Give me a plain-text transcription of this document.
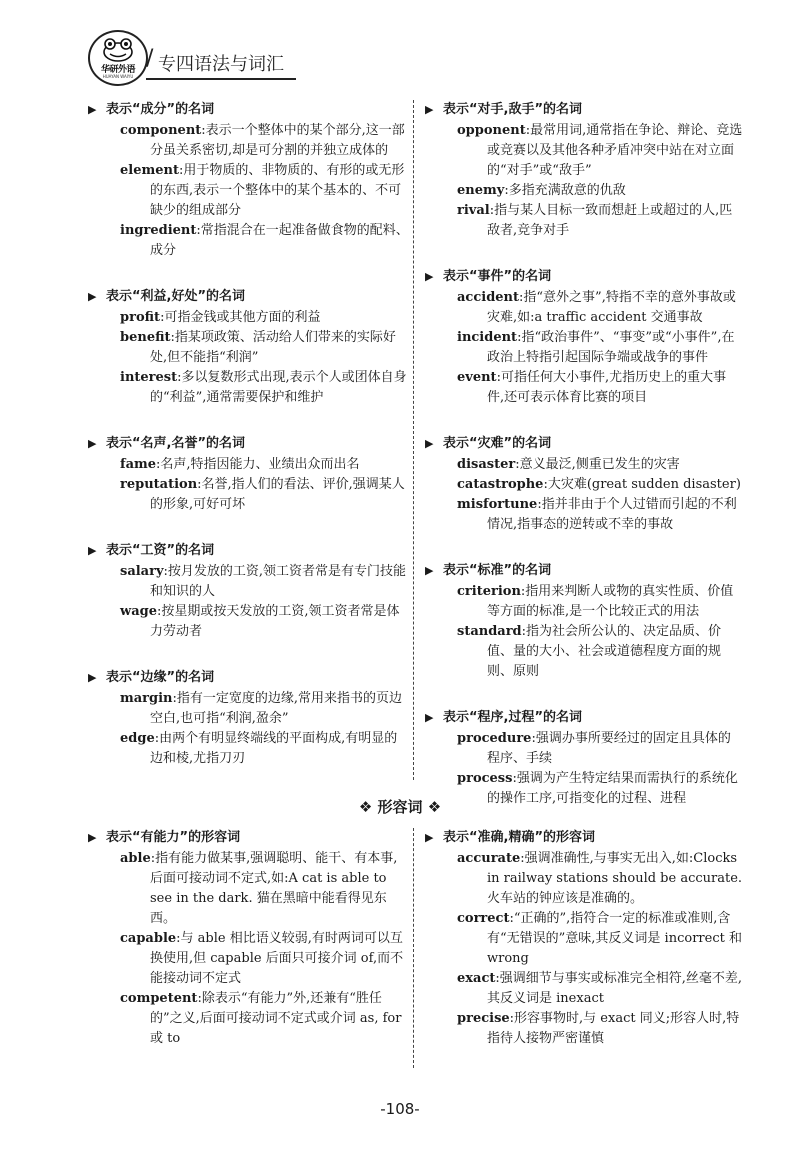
华研外语
HUAYAN WAIYU
/ 专四语法与词汇
▶ 表示“成分”的名词
component:表示一个整体中的某个部分,这一部分虽关系密切,却是可分割的并独立成体的
element:用于物质的、非物质的、有形的或无形的东西,表示一个整体中的某个基本的、不可缺少的组成部分
ingredient:常指混合在一起准备做食物的配料、成分
▶ 表示“利益,好处”的名词
profit:可指金钱或其他方面的利益
benefit:指某项政策、活动给人们带来的实际好处,但不能指“利润”
interest:多以复数形式出现,表示个人或团体自身的“利益”,通常需要保护和维护
▶ 表示“名声,名誉”的名词
fame:名声,特指因能力、业绩出众而出名
reputation:名誉,指人们的看法、评价,强调某人的形象,可好可坏
▶ 表示“工资”的名词
salary:按月发放的工资,领工资者常是有专门技能和知识的人
wage:按星期或按天发放的工资,领工资者常是体力劳动者
▶ 表示“边缘”的名词
margin:指有一定宽度的边缘,常用来指书的页边空白,也可指“利润,盈余”
edge:由两个有明显终端线的平面构成,有明显的边和棱,尤指刀刃
▶ 表示“对手,敌手”的名词
opponent:最常用词,通常指在争论、辩论、竞选或竞赛以及其他各种矛盾冲突中站在对立面的“对手”或“敌手”
enemy:多指充满敌意的仇敌
rival:指与某人目标一致而想赶上或超过的人,匹敌者,竞争对手
▶ 表示“事件”的名词
accident:指“意外之事”,特指不幸的意外事故或灾难,如:a traffic accident 交通事故
incident:指“政治事件”、“事变”或“小事件”,在政治上特指引起国际争端或战争的事件
event:可指任何大小事件,尤指历史上的重大事件,还可表示体育比赛的项目
▶ 表示“灾难”的名词
disaster:意义最泛,侧重已发生的灾害
catastrophe:大灾难(great sudden disaster)
misfortune:指并非由于个人过错而引起的不利情况,指事态的逆转或不幸的事故
▶ 表示“标准”的名词
criterion:指用来判断人或物的真实性质、价值等方面的标准,是一个比较正式的用法
standard:指为社会所公认的、决定品质、价值、量的大小、社会或道德程度方面的规则、原则
▶ 表示“程序,过程”的名词
procedure:强调办事所要经过的固定且具体的程序、手续
process:强调为产生特定结果而需执行的系统化的操作工序,可指变化的过程、进程
❖ 形容词 ❖
▶ 表示“有能力”的形容词
able:指有能力做某事,强调聪明、能干、有本事,后面可接动词不定式,如:A cat is able to see in the dark. 猫在黑暗中能看得见东西。
capable:与 able 相比语义较弱,有时两词可以互换使用,但 capable 后面只可接介词 of,而不能接动词不定式
competent:除表示“有能力”外,还兼有“胜任的”之义,后面可接动词不定式或介词 as, for 或 to
▶ 表示“准确,精确”的形容词
accurate:强调准确性,与事实无出入,如:Clocks in railway stations should be accurate. 火车站的钟应该是准确的。
correct:“正确的”,指符合一定的标准或准则,含有“无错误的”意味,其反义词是 incorrect 和 wrong
exact:强调细节与事实或标准完全相符,丝毫不差,其反义词是 inexact
precise:形容事物时,与 exact 同义;形容人时,特指待人接物严密谨慎
-108-
